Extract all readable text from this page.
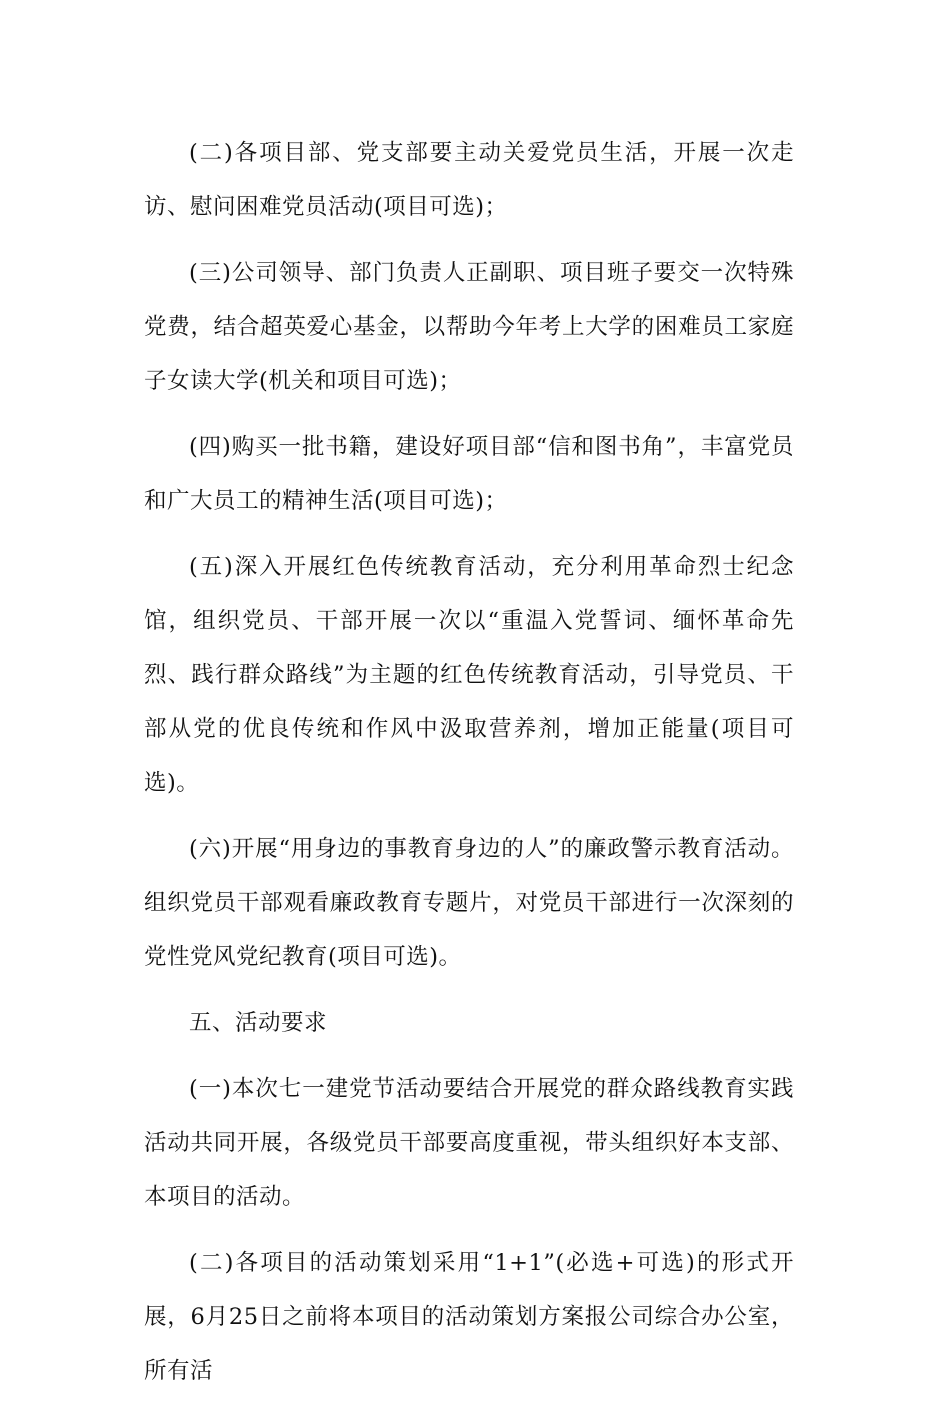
(二)各项目部、党支部要主动关爱党员生活，开展一次走访、慰问困难党员活动(项目可选)；

(三)公司领导、部门负责人正副职、项目班子要交一次特殊党费，结合超英爱心基金，以帮助今年考上大学的困难员工家庭子女读大学(机关和项目可选)；

(四)购买一批书籍，建设好项目部“信和图书角”，丰富党员和广大员工的精神生活(项目可选)；

(五)深入开展红色传统教育活动，充分利用革命烈士纪念馆，组织党员、干部开展一次以“重温入党誓词、缅怀革命先烈、践行群众路线”为主题的红色传统教育活动，引导党员、干部从党的优良传统和作风中汲取营养剂，增加正能量(项目可选)。

(六)开展“用身边的事教育身边的人”的廉政警示教育活动。组织党员干部观看廉政教育专题片，对党员干部进行一次深刻的党性党风党纪教育(项目可选)。

五、活动要求

(一)本次七一建党节活动要结合开展党的群众路线教育实践活动共同开展，各级党员干部要高度重视，带头组织好本支部、本项目的活动。

(二)各项目的活动策划采用“1+1”(必选+可选)的形式开展，6月25日之前将本项目的活动策划方案报公司综合办公室，所有活
